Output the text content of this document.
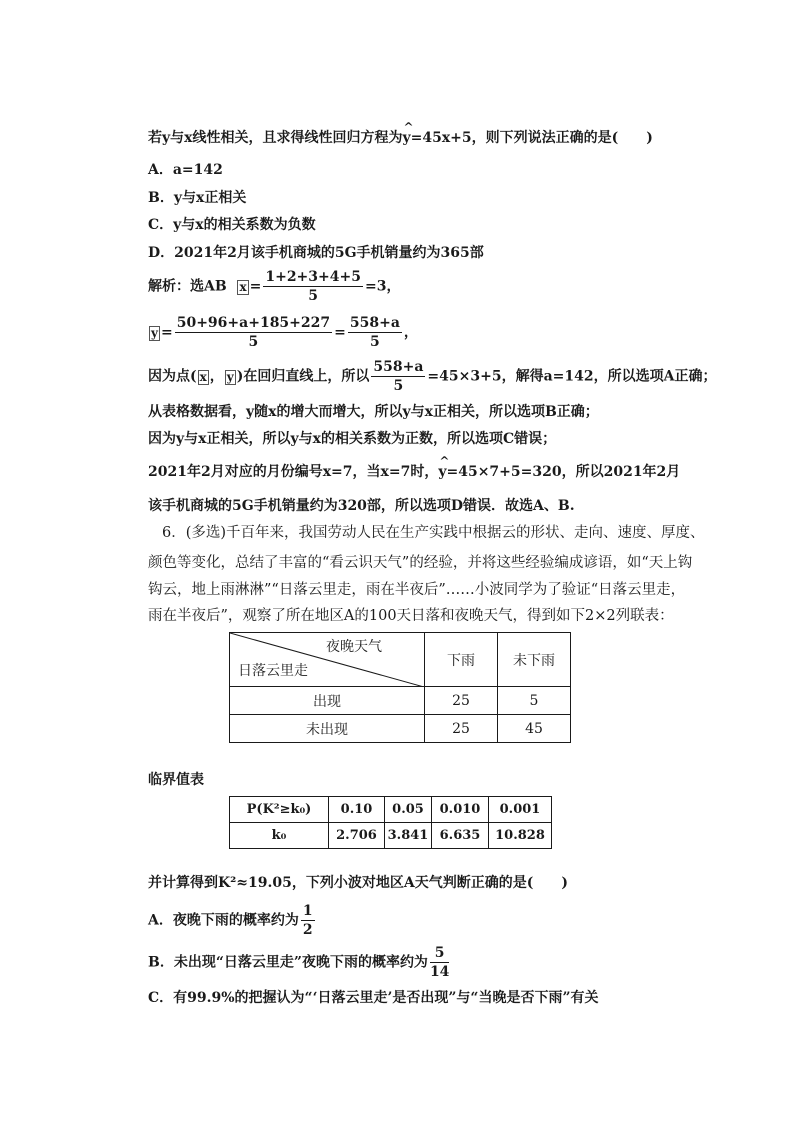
若y与x线性相关，且求得线性回归方程为^ y=45x+5，则下列说法正确的是(　　)
A．a=142
B．y与x正相关
C．y与x的相关系数为负数
D．2021年2月该手机商城的5G手机销量约为365部
解析：选AB $x = \frac{1+2+3+4+5}{5} =3$，
$y = \frac{50+96+a+185+227}{5} = \frac{558+a}{5}$ ，
因为点( x ， y )在回归直线上，所以 $\frac{558+a}{5} =45\times 3+5$，解得a=142，所以选项A正确；
从表格数据看，y随x的增大而增大，所以y与x正相关，所以选项B正确；
因为y与x正相关，所以y与x的相关系数为正数，所以选项C错误；
2021年2月对应的月份编号x=7，当x=7时，^ y=45×7+5=320，所以2021年2月
该手机商城的5G手机销量约为320部，所以选项D错误．故选A、B.
6．(多选)千百年来，我国劳动人民在生产实践中根据云的形状、走向、速度、厚度、
颜色等变化，总结了丰富的“看云识天气”的经验，并将这些经验编成谚语，如“天上钩
钩云，地上雨淋淋”“日落云里走，雨在半夜后”……小波同学为了验证“日落云里走，
雨在半夜后”，观察了所在地区A的100天日落和夜晚天气，得到如下2×2列联表：
夜晚天气
日落云里走	下雨	未下雨
出现	25	5
未出现	25	45
临界值表
P(K²≥k₀)	0.10	0.05	0.010	0.001
k₀	2.706	3.841	6.635	10.828
并计算得到K²≈19.05，下列小波对地区A天气判断正确的是(　　)
A．夜晚下雨的概率约为 $\frac{1}{2}$
B．未出现“日落云里走”夜晚下雨的概率约为 $\frac{5}{14}$
C．有99.9%的把握认为“‘日落云里走’是否出现”与“当晚是否下雨”有关
